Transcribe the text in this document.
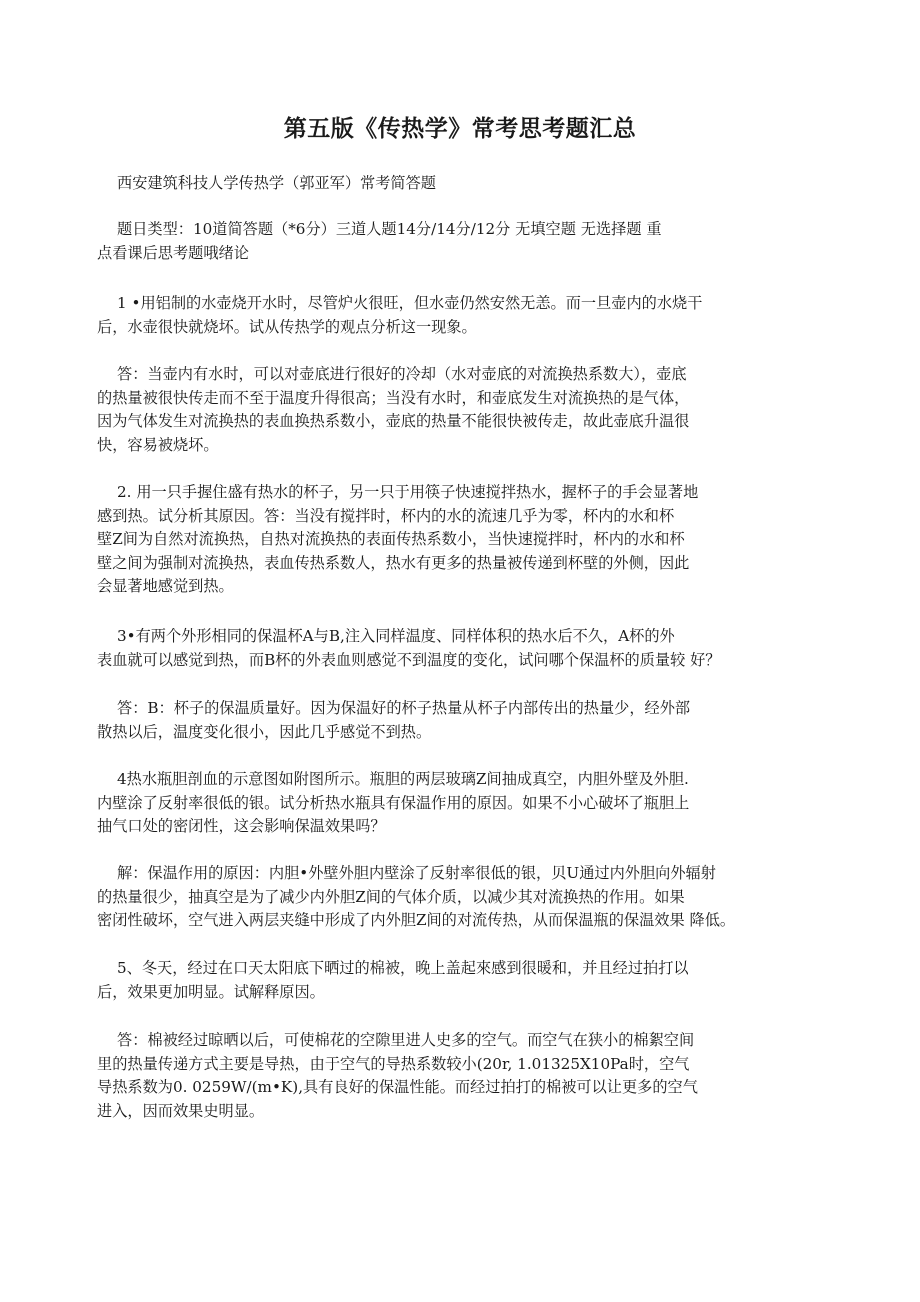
第五版《传热学》常考思考题汇总

西安建筑科技人学传热学（郭亚军）常考简答题

题日类型：10道简答题（*6分）三道人题14分/14分/12分 无填空题 无选择题 重
点看课后思考题哦绪论

1 •用铝制的水壶烧开水时，尽管炉火很旺，但水壶仍然安然无恙。而一旦壶内的水烧干
后，水壶很快就烧坏。试从传热学的观点分析这一现象。

答：当壶内有水时，可以对壶底进行很好的冷却（水对壶底的对流换热系数大），壶底
的热量被很快传走而不至于温度升得很高；当没有水时，和壶底发生对流换热的是气体，
因为气体发生对流换热的表血换热系数小，壶底的热量不能很快被传走，故此壶底升温很
快，容易被烧坏。

2. 用一只手握住盛有热水的杯子，另一只于用筷子快速搅拌热水，握杯子的手会显著地
感到热。试分析其原因。答：当没有搅拌时，杯内的水的流速几乎为零，杯内的水和杯
壁Z间为自然对流换热，自热对流换热的表面传热系数小，当快速搅拌时，杯内的水和杯
壁之间为强制对流换热，表血传热系数人，热水有更多的热量被传递到杯壁的外侧，因此
会显著地感觉到热。

3•有两个外形相同的保温杯A与B,注入同样温度、同样体积的热水后不久，A杯的外
表血就可以感觉到热，而B杯的外表血则感觉不到温度的变化，试问哪个保温杯的质量较 好？

答：B：杯子的保温质量好。因为保温好的杯子热量从杯子内部传出的热量少，经外部
散热以后，温度变化很小，因此几乎感觉不到热。

4热水瓶胆剖血的示意图如附图所示。瓶胆的两层玻璃Z间抽成真空，内胆外壁及外胆.
内壁涂了反射率很低的银。试分析热水瓶具有保温作用的原因。如果不小心破坏了瓶胆上
抽气口处的密闭性，这会影响保温效果吗？

解：保温作用的原因：内胆•外壁外胆内壁涂了反射率很低的银，贝U通过内外胆向外辐射
的热量很少，抽真空是为了减少内外胆Z间的气体介质，以减少其对流换热的作用。如果
密闭性破坏，空气进入两层夹缝中形成了内外胆Z间的对流传热，从而保温瓶的保温效果 降低。

5、冬天，经过在口天太阳底下晒过的棉被，晚上盖起來感到很暖和，并且经过拍打以
后，效果更加明显。试解释原因。

答：棉被经过晾晒以后，可使棉花的空隙里进人史多的空气。而空气在狭小的棉絮空间
里的热量传递方式主要是导热，由于空气的导热系数较小(20r, 1.01325X10Pa时，空气
导热系数为0. 0259W/(m•K),具有良好的保温性能。而经过拍打的棉被可以让更多的空气
进入，因而效果史明显。
